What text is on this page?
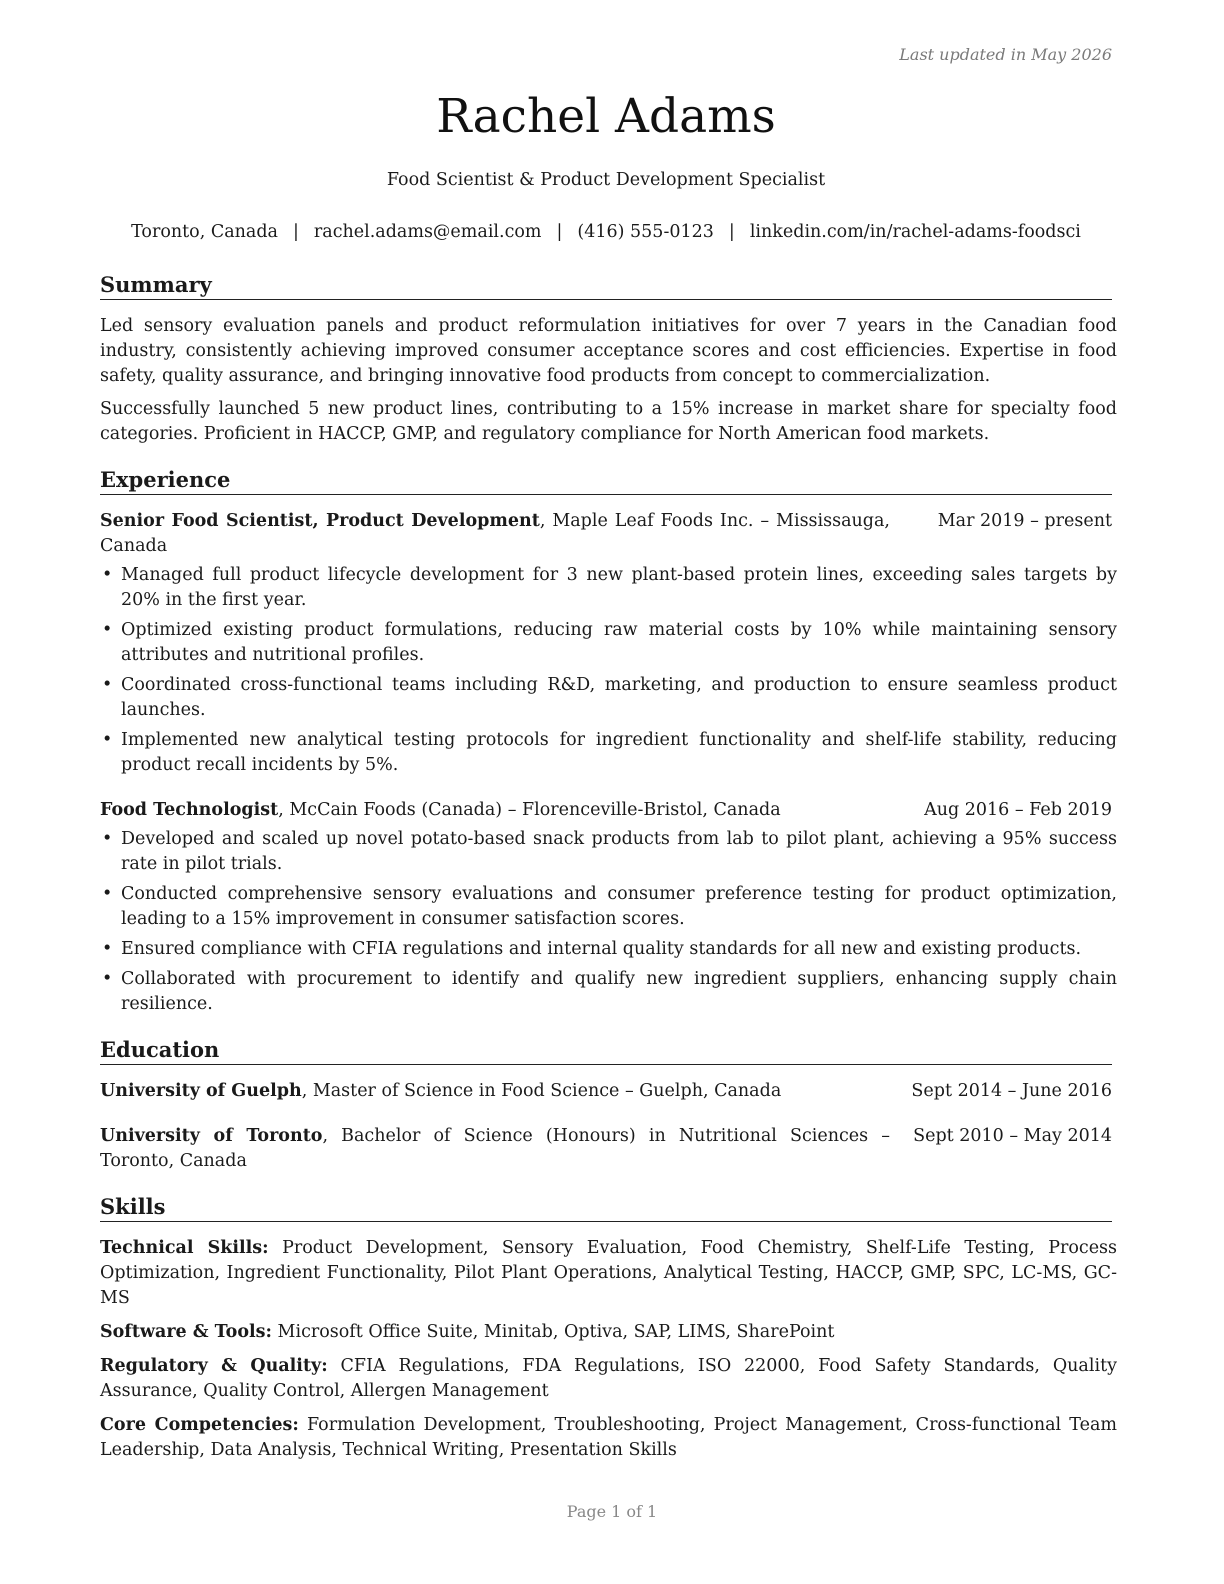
Last updated in May 2026
Rachel Adams
Food Scientist & Product Development Specialist
Toronto, Canada | rachel.adams@email.com | (416) 555-0123 | linkedin.com/in/rachel-adams-foodsci
Summary

Led sensory evaluation panels and product reformulation initiatives for over 7 years in the Canadian food industry, consistently achieving improved consumer acceptance scores and cost efficiencies. Expertise in food safety, quality assurance, and bringing innovative food products from concept to commercialization.

Successfully launched 5 new product lines, contributing to a 15% increase in market share for specialty food categories. Proficient in HACCP, GMP, and regulatory compliance for North American food markets.

Experience
Senior Food Scientist, Product Development, Maple Leaf Foods Inc. – Mississauga, Canada
Mar 2019 – present
• Managed full product lifecycle development for 3 new plant-based protein lines, exceeding sales targets by 20% in the first year.
• Optimized existing product formulations, reducing raw material costs by 10% while maintaining sensory attributes and nutritional profiles.
• Coordinated cross-functional teams including R&D, marketing, and production to ensure seamless product launches.
• Implemented new analytical testing protocols for ingredient functionality and shelf-life stability, reducing product recall incidents by 5%.
Food Technologist, McCain Foods (Canada) – Florenceville-Bristol, Canada	Aug 2016 – Feb 2019
• Developed and scaled up novel potato-based snack products from lab to pilot plant, achieving a 95% success rate in pilot trials.
• Conducted comprehensive sensory evaluations and consumer preference testing for product optimization, leading to a 15% improvement in consumer satisfaction scores.
• Ensured compliance with CFIA regulations and internal quality standards for all new and existing products.
• Collaborated with procurement to identify and qualify new ingredient suppliers, enhancing supply chain resilience.
Education
University of Guelph, Master of Science in Food Science – Guelph, Canada	Sept 2014 – June 2016
University of Toronto, Bachelor of Science (Honours) in Nutritional Sciences – Toronto, Canada
Sept 2010 – May 2014
Skills
Technical Skills: Product Development, Sensory Evaluation, Food Chemistry, Shelf-Life Testing, Process Optimization, Ingredient Functionality, Pilot Plant Operations, Analytical Testing, HACCP, GMP, SPC, LC-MS, GC-MS
Software & Tools: Microsoft Office Suite, Minitab, Optiva, SAP, LIMS, SharePoint
Regulatory & Quality: CFIA Regulations, FDA Regulations, ISO 22000, Food Safety Standards, Quality Assurance, Quality Control, Allergen Management
Core Competencies: Formulation Development, Troubleshooting, Project Management, Cross-functional Team Leadership, Data Analysis, Technical Writing, Presentation Skills
Page 1 of 1
